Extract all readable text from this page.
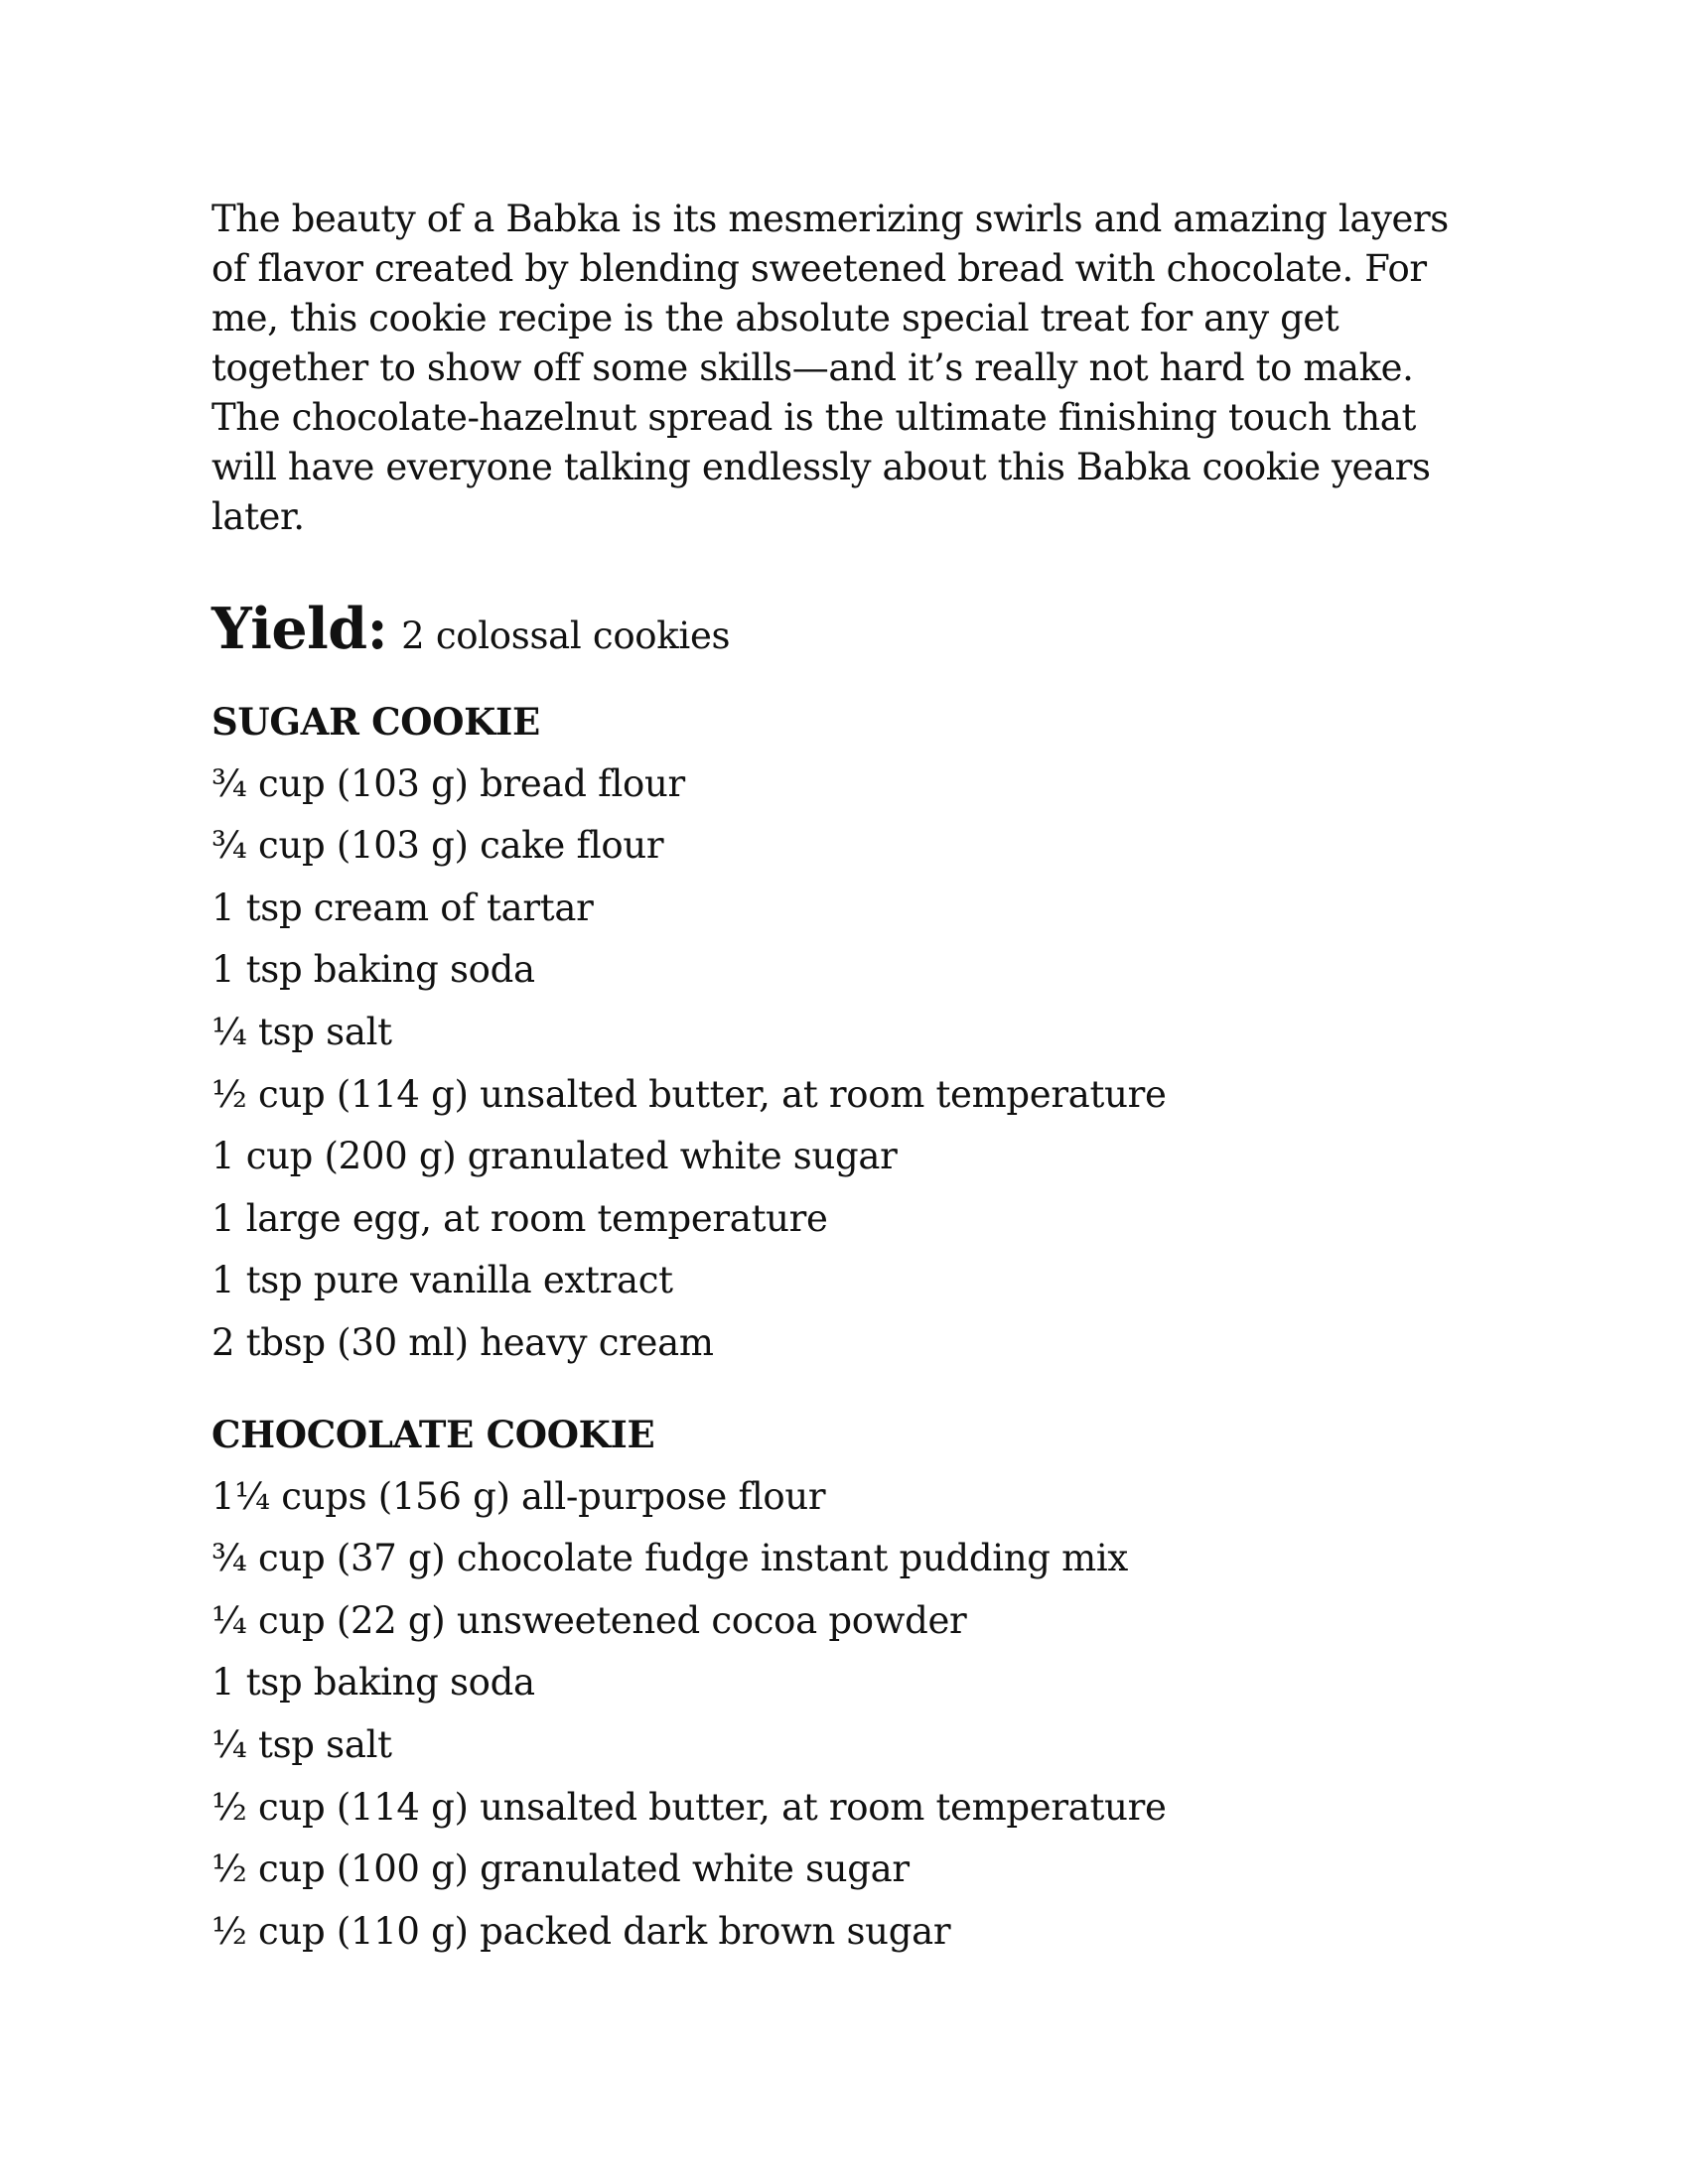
The beauty of a Babka is its mesmerizing swirls and amazing layers
of flavor created by blending sweetened bread with chocolate. For
me, this cookie recipe is the absolute special treat for any get
together to show off some skills—and it’s really not hard to make.
The chocolate-hazelnut spread is the ultimate finishing touch that
will have everyone talking endlessly about this Babka cookie years
later.

Yield: 2 colossal cookies
SUGAR COOKIE
¾ cup (103 g) bread flour
¾ cup (103 g) cake flour
1 tsp cream of tartar
1 tsp baking soda
¼ tsp salt
½ cup (114 g) unsalted butter, at room temperature
1 cup (200 g) granulated white sugar
1 large egg, at room temperature
1 tsp pure vanilla extract
2 tbsp (30 ml) heavy cream
CHOCOLATE COOKIE
1¼ cups (156 g) all-purpose flour
¾ cup (37 g) chocolate fudge instant pudding mix
¼ cup (22 g) unsweetened cocoa powder
1 tsp baking soda
¼ tsp salt
½ cup (114 g) unsalted butter, at room temperature
½ cup (100 g) granulated white sugar
½ cup (110 g) packed dark brown sugar
